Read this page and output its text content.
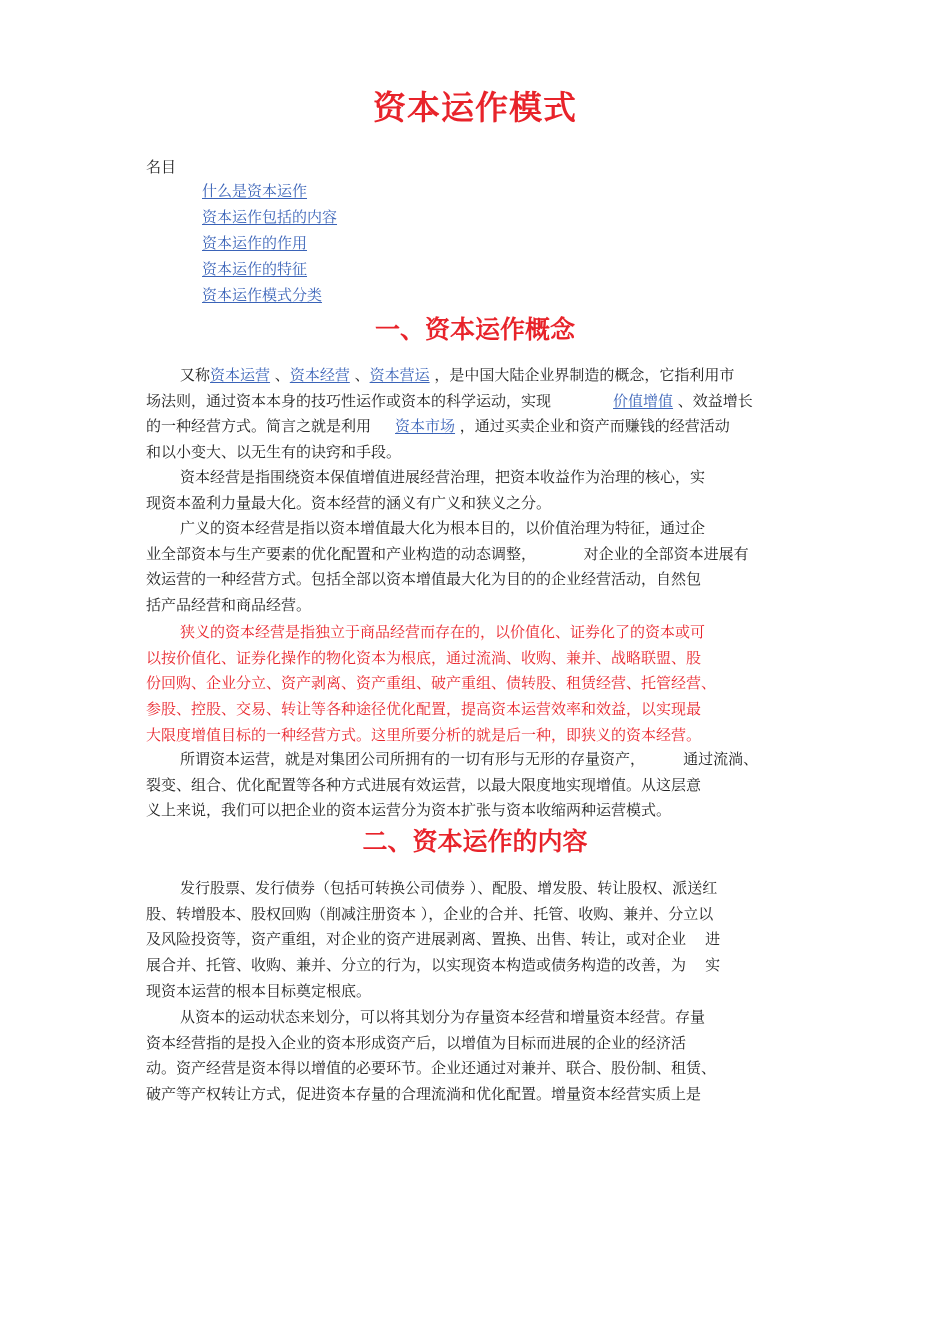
资本运作模式
名目
什么是资本运作
资本运作包括的内容
资本运作的作用
资本运作的特征
资本运作模式分类
一、资本运作概念
又称资本运营 、资本经营 、资本营运 ，是中国大陆企业界制造的概念，它指利用市
场法则，通过资本本身的技巧性运作或资本的科学运动，实现	价值增值 、效益增长
的一种经营方式。简言之就是利用 资本市场 ，通过买卖企业和资产而赚钱的经营活动
和以小变大、以无生有的诀窍和手段。
资本经营是指围绕资本保值增值进展经营治理，把资本收益作为治理的核心，实
现资本盈利力量最大化。资本经营的涵义有广义和狭义之分。
广义的资本经营是指以资本增值最大化为根本目的，以价值治理为特征，通过企
业全部资本与生产要素的优化配置和产业构造的动态调整，          对企业的全部资本进展有
效运营的一种经营方式。包括全部以资本增值最大化为目的的企业经营活动，自然包
括产品经营和商品经营。
狭义的资本经营是指独立于商品经营而存在的，以价值化、证券化了的资本或可
以按价值化、证券化操作的物化资本为根底，通过流淌、收购、兼并、战略联盟、股
份回购、企业分立、资产剥离、资产重组、破产重组、债转股、租赁经营、托管经营、
参股、控股、交易、转让等各种途径优化配置，提高资本运营效率和效益，以实现最
大限度增值目标的一种经营方式。这里所要分析的就是后一种，即狭义的资本经营。
所谓资本运营，就是对集团公司所拥有的一切有形与无形的存量资产，        通过流淌、
裂变、组合、优化配置等各种方式进展有效运营，以最大限度地实现增值。从这层意
义上来说，我们可以把企业的资本运营分为资本扩张与资本收缩两种运营模式。
二、资本运作的内容
发行股票、发行债券（包括可转换公司债券 ）、配股、增发股、转让股权、派送红
股、转增股本、股权回购（削减注册资本 ），企业的合并、托管、收购、兼并、分立以
及风险投资等，资产重组，对企业的资产进展剥离、置换、出售、转让，或对企业    进
展合并、托管、收购、兼并、分立的行为，以实现资本构造或债务构造的改善，为    实
现资本运营的根本目标奠定根底。
从资本的运动状态来划分，可以将其划分为存量资本经营和增量资本经营。存量
资本经营指的是投入企业的资本形成资产后，以增值为目标而进展的企业的经济活
动。资产经营是资本得以增值的必要环节。企业还通过对兼并、联合、股份制、租赁、
破产等产权转让方式，促进资本存量的合理流淌和优化配置。增量资本经营实质上是
